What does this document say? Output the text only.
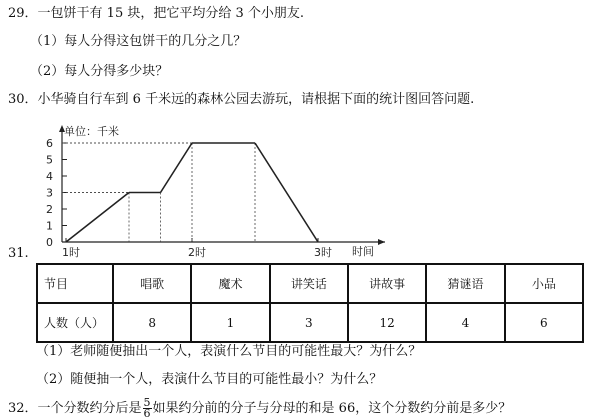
29．一包饼干有 15 块，把它平均分给 3 个小朋友.
（1）每人分得这包饼干的几分之几？
（2）每人分得多少块？
30．小华骑自行车到 6 千米远的森林公园去游玩，请根据下面的统计图回答问题.
0
1
2
3
4
5
6
1时	2时	3时
单位：千米
时间
31.
节目	唱歌	魔术	讲笑话	讲故事	猜谜语	小品
人数（人）	8	1	3	12	4	6
（1）老师随便抽出一个人，表演什么节目的可能性最大？为什么？
（2）随便抽一个人，表演什么节目的可能性最小？为什么？
32．一个分数约分后是 $\frac{5}{6}$ 如果约分前的分子与分母的和是 66，这个分数约分前是多少？
